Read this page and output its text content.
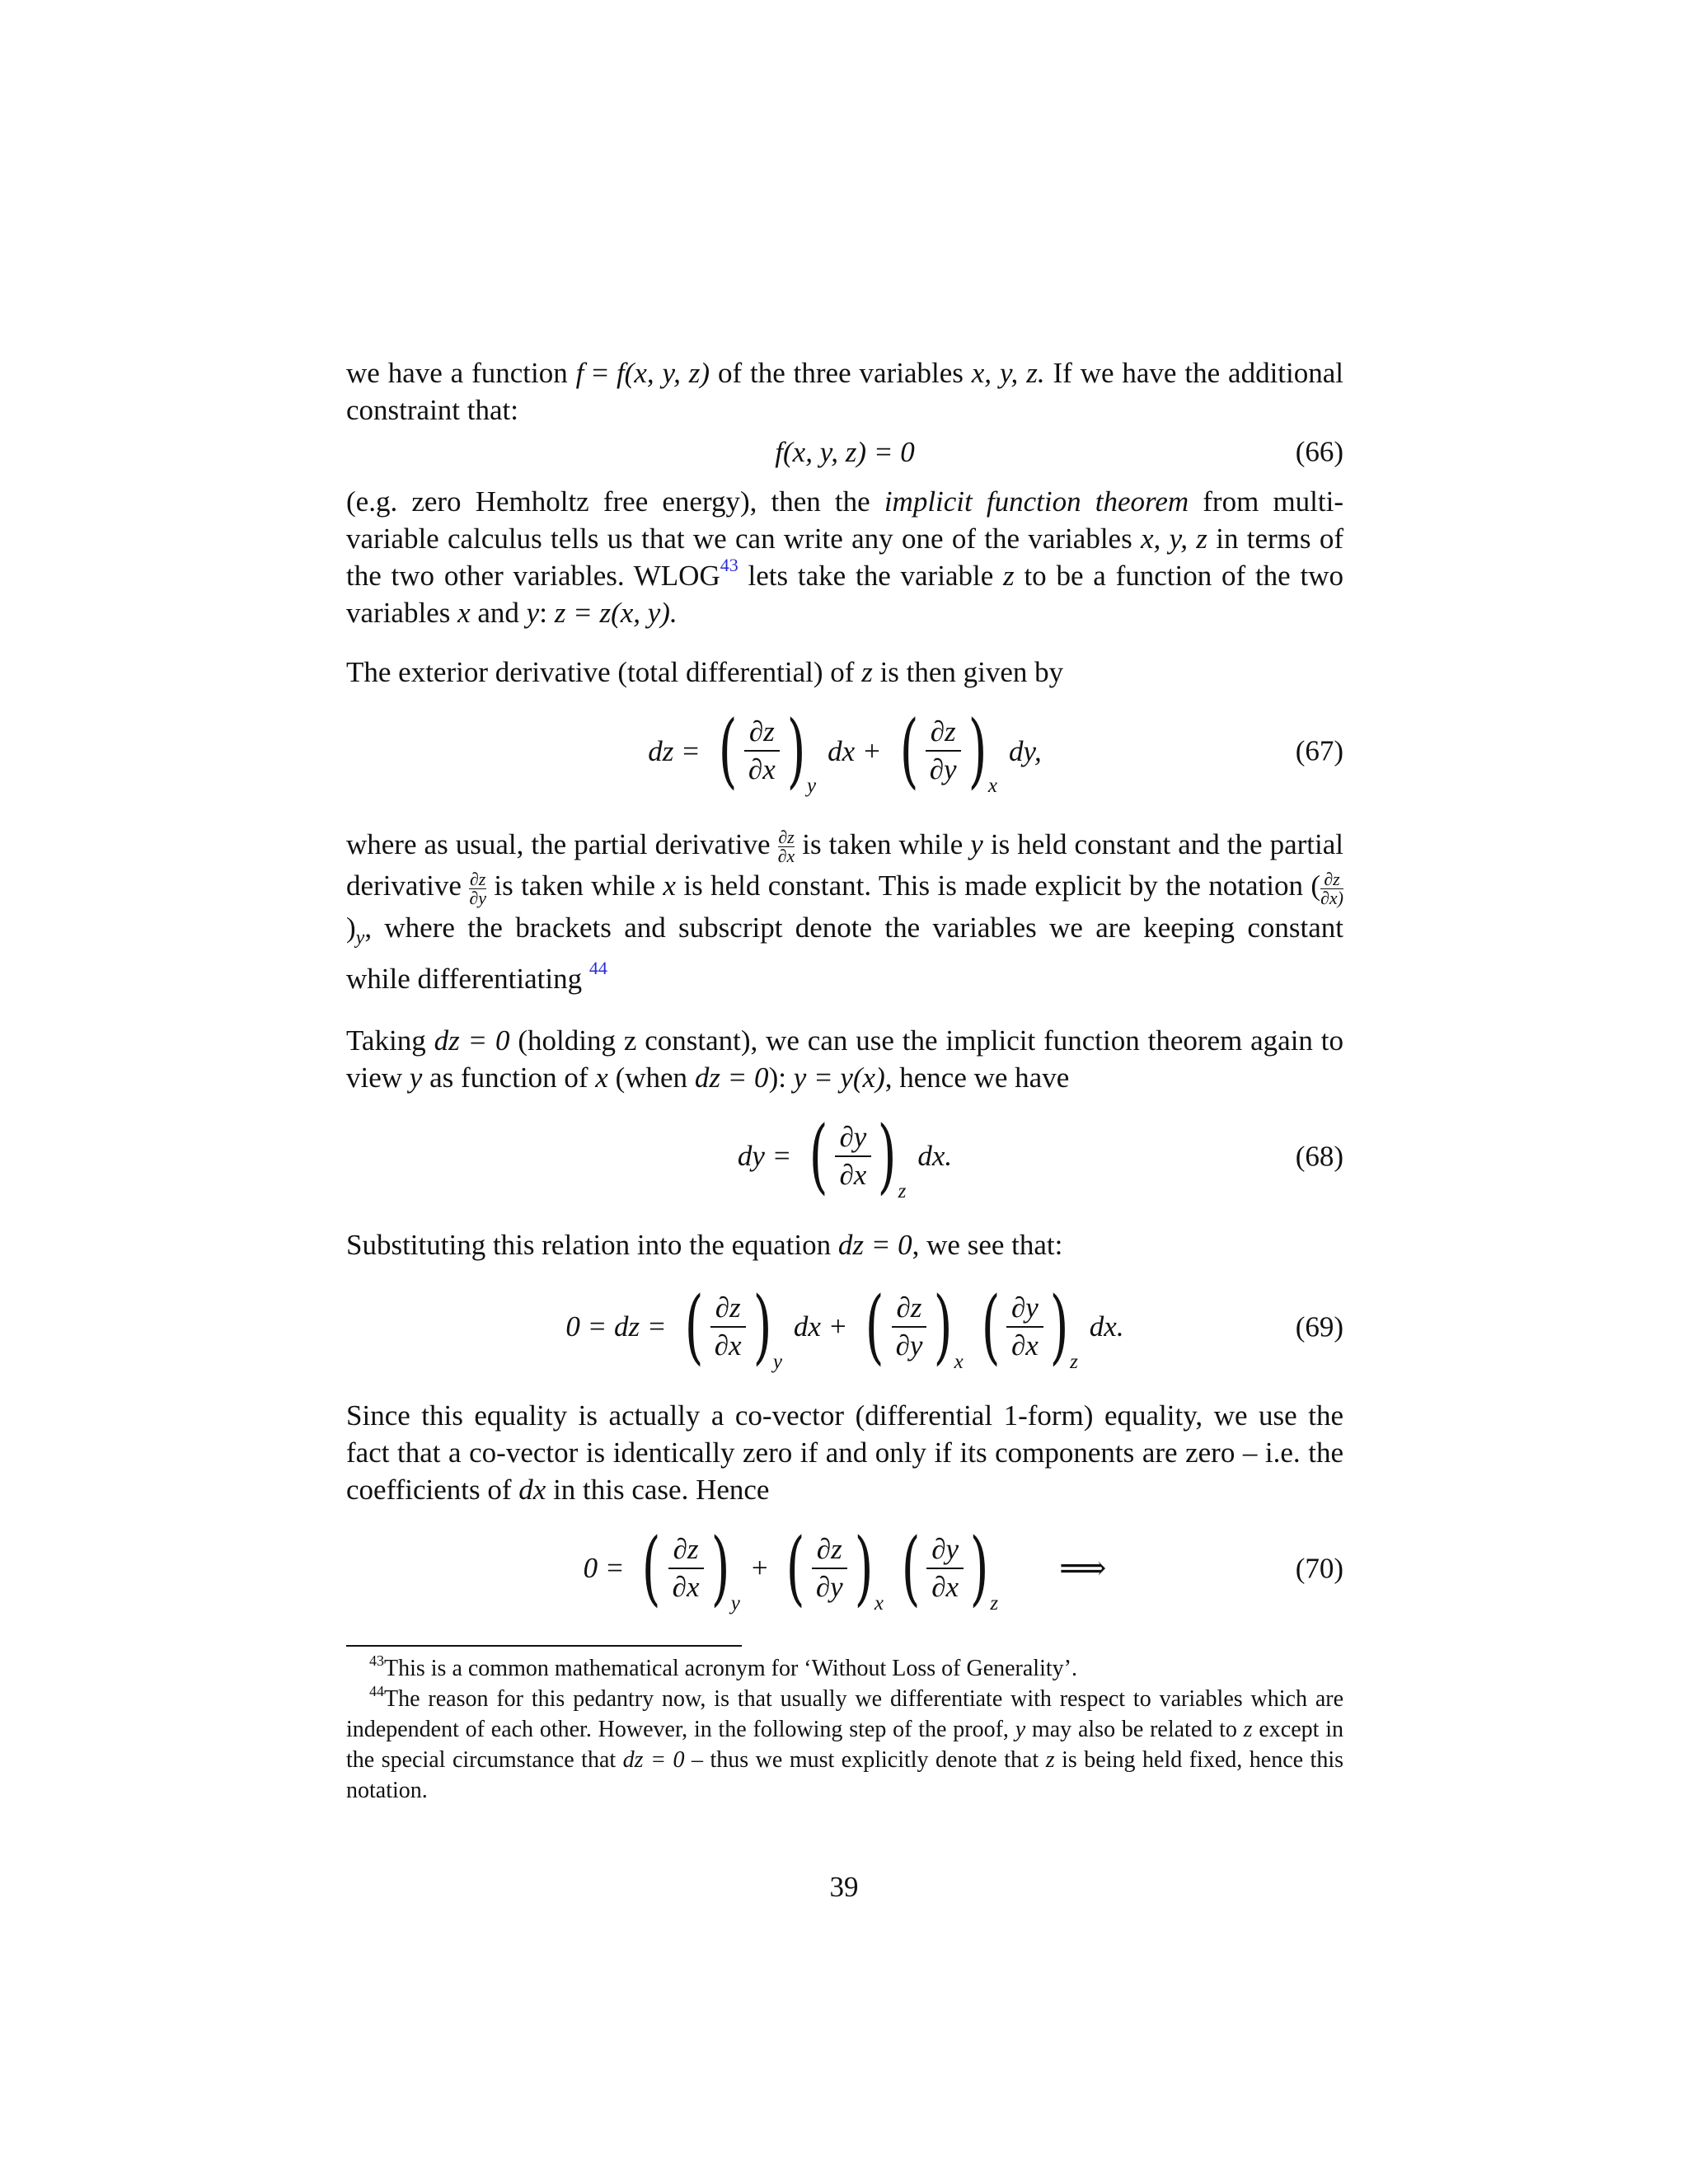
we have a function f = f(x, y, z) of the three variables x, y, z. If we have the additional constraint that:

f(x, y, z) = 0	(66)

(e.g. zero Hemholtz free energy), then the implicit function theorem from multi-variable calculus tells us that we can write any one of the variables x, y, z in terms of the two other variables. WLOG$^{43}$ lets take the variable z to be a function of the two variables x and y: z = z(x, y).

The exterior derivative (total differential) of z is then given by

dz = ( $\frac{\partial z}{\partial x}$ ) y
dx + ( $\frac{\partial z}{\partial y}$ ) x
dy,	(67)

where as usual, the partial derivative $\frac{\partial z}{\partial x}$ is taken while y is held constant and the partial derivative $\frac{\partial z}{\partial y}$ is taken while x is held constant. This is made explicit by the notation ( $\frac{\partial z}{\partial x)}$
)$_y$, where the brackets and subscript denote the variables we are keeping constant while differentiating $^{44}$

Taking dz = 0 (holding z constant), we can use the implicit function theorem again to view y as function of x (when dz = 0): y = y(x), hence we have

dy = ( $\frac{\partial y}{\partial x}$ ) z
dx.	(68)

Substituting this relation into the equation dz = 0, we see that:

0 = dz = ( $\frac{\partial z}{\partial x}$ ) y
dx + ( $\frac{\partial z}{\partial y}$ ) x ( $\frac{\partial y}{\partial x}$ ) z
dx.	(69)

Since this equality is actually a co-vector (differential 1-form) equality, we use the fact that a co-vector is identically zero if and only if its components are zero – i.e. the coefficients of dx in this case. Hence

0 = ( $\frac{\partial z}{\partial x}$ ) y
+ ( $\frac{\partial z}{\partial y}$ ) x ( $\frac{\partial y}{\partial x}$ ) z
⟹	(70)

$^{43}$This is a common mathematical acronym for ‘Without Loss of Generality’.

$^{44}$The reason for this pedantry now, is that usually we differentiate with respect to variables which are independent of each other. However, in the following step of the proof, y may also be related to z except in the special circumstance that dz = 0 – thus we must explicitly denote that z is being held fixed, hence this notation.

39
